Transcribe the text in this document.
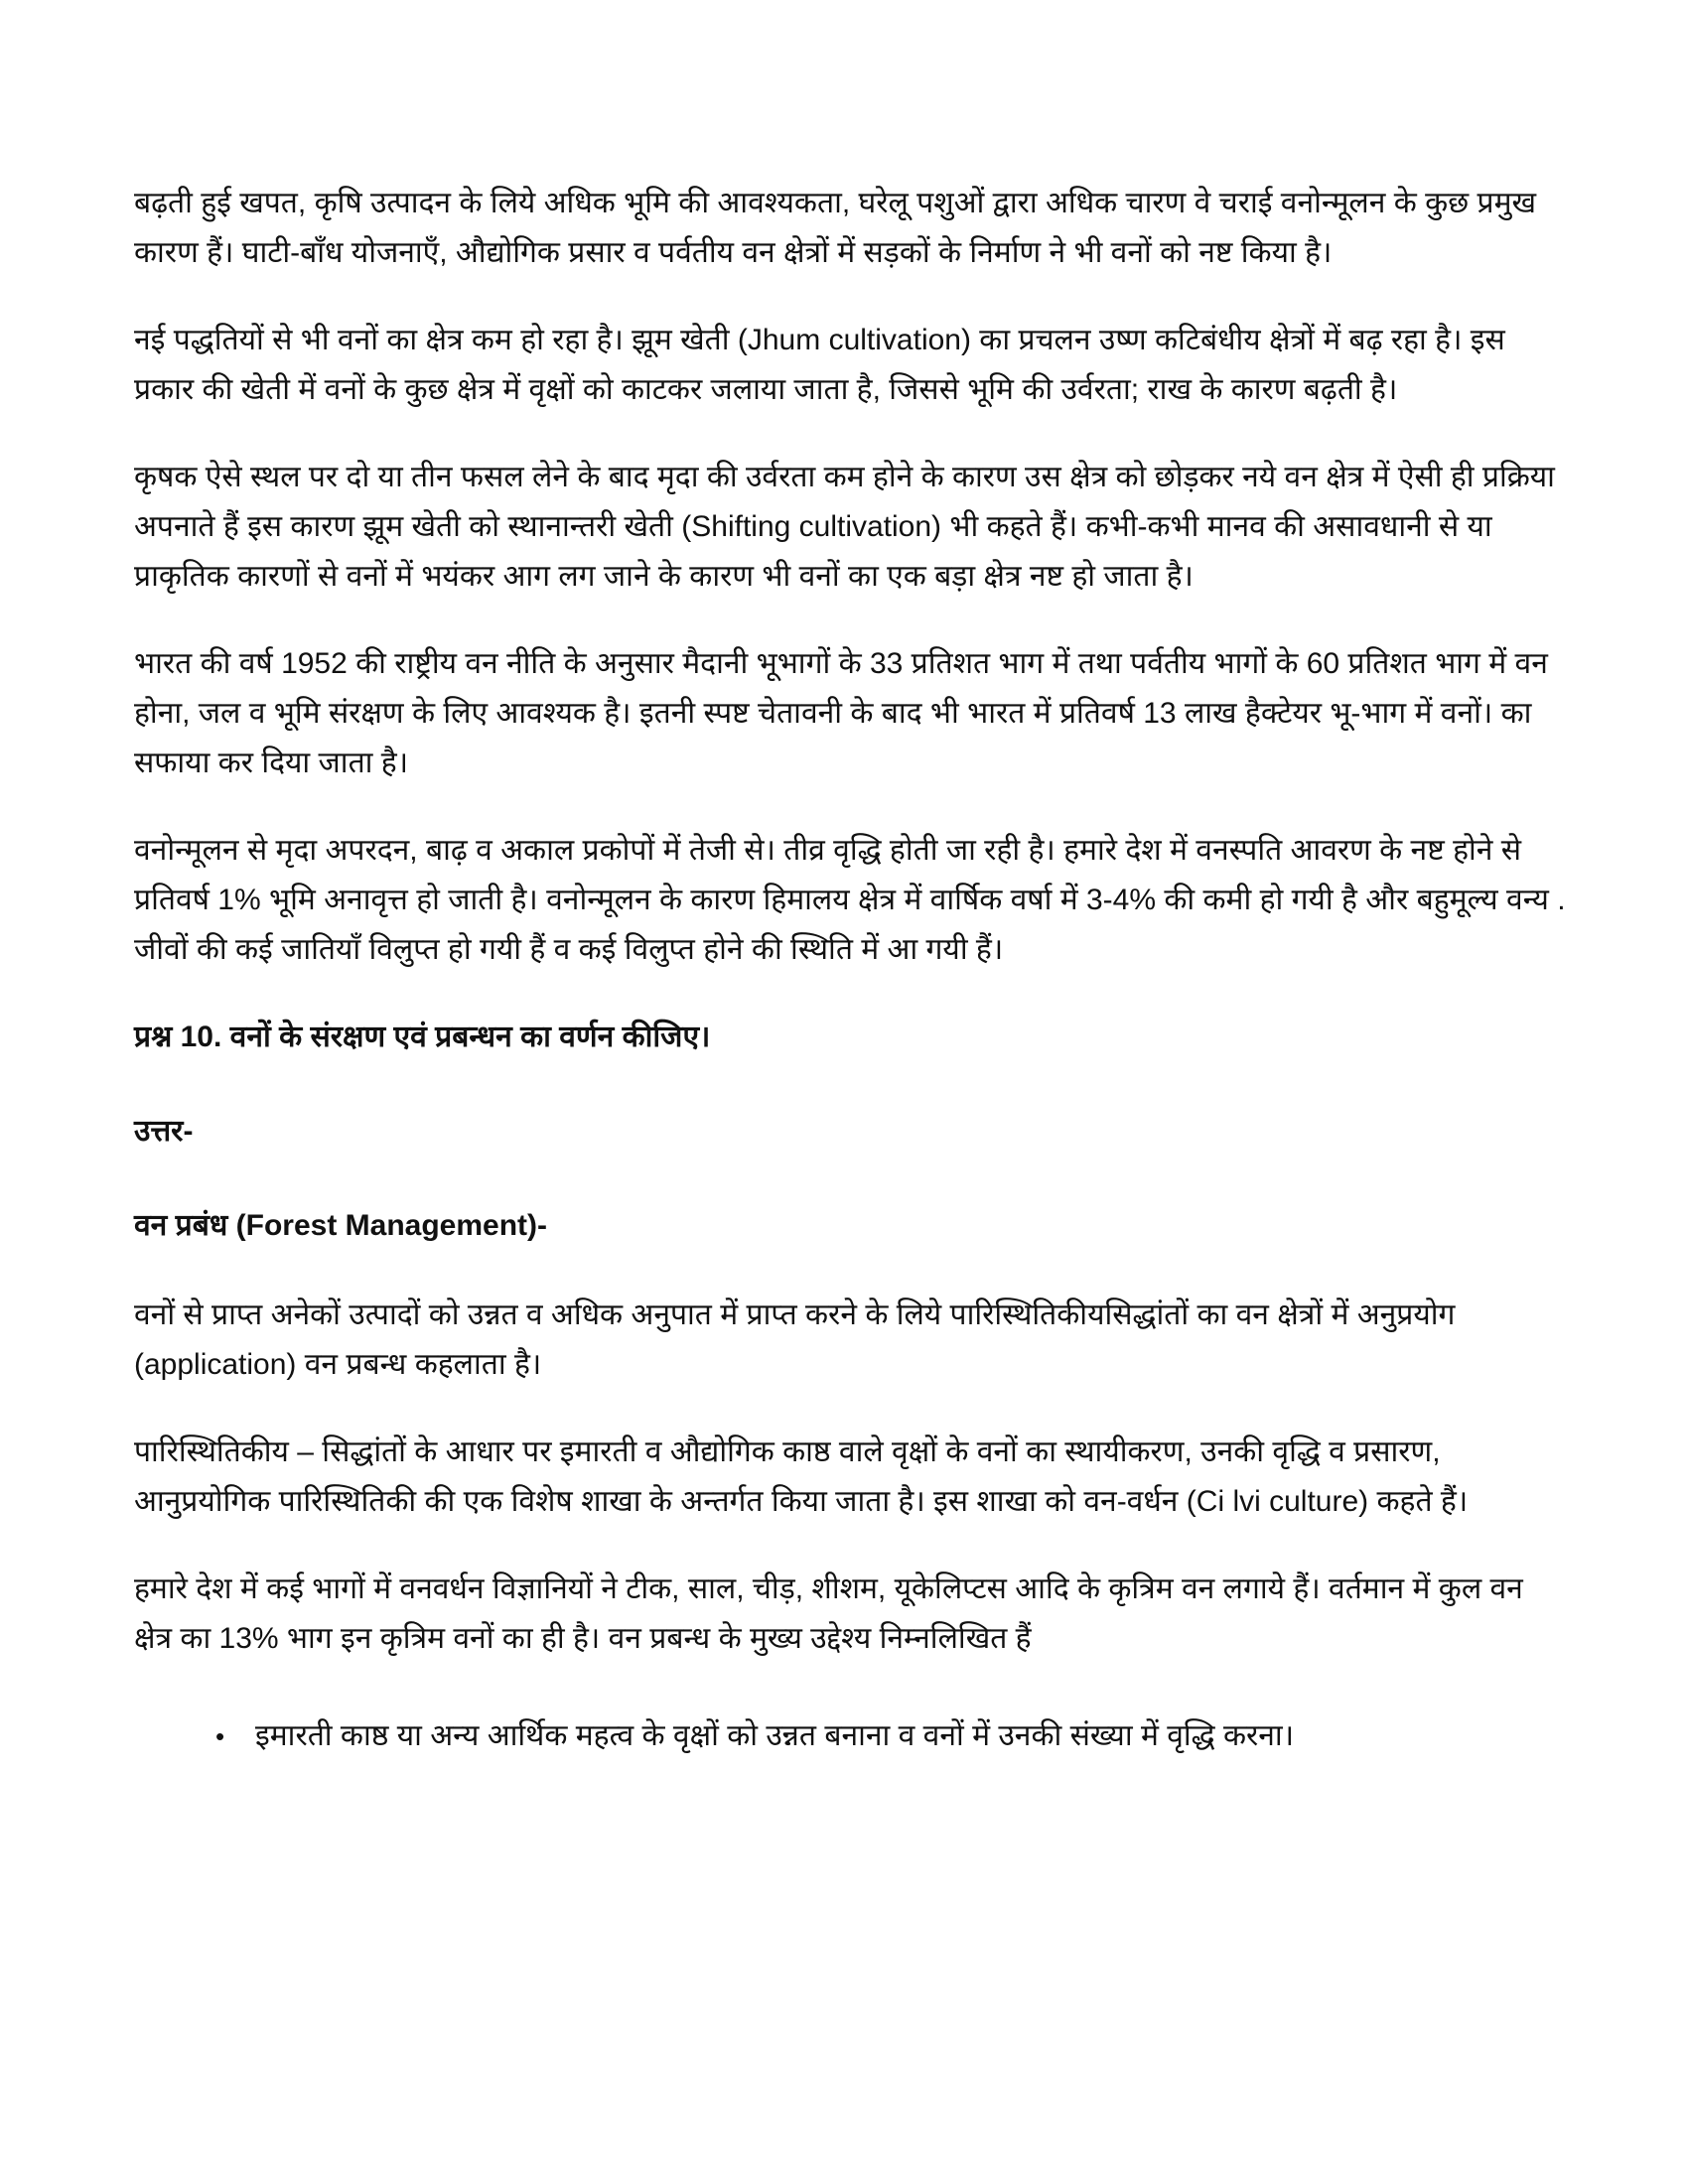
बढ़ती हुई खपत, कृषि उत्पादन के लिये अधिक भूमि की आवश्यकता, घरेलू पशुओं द्वारा अधिक चारण वे चराई वनोन्मूलन के कुछ प्रमुख कारण हैं। घाटी-बाँध योजनाएँ, औद्योगिक प्रसार व पर्वतीय वन क्षेत्रों में सड़कों के निर्माण ने भी वनों को नष्ट किया है।

नई पद्धतियों से भी वनों का क्षेत्र कम हो रहा है। झूम खेती (Jhum cultivation) का प्रचलन उष्ण कटिबंधीय क्षेत्रों में बढ़ रहा है। इस प्रकार की खेती में वनों के कुछ क्षेत्र में वृक्षों को काटकर जलाया जाता है, जिससे भूमि की उर्वरता; राख के कारण बढ़ती है।

कृषक ऐसे स्थल पर दो या तीन फसल लेने के बाद मृदा की उर्वरता कम होने के कारण उस क्षेत्र को छोड़कर नये वन क्षेत्र में ऐसी ही प्रक्रिया अपनाते हैं इस कारण झूम खेती को स्थानान्तरी खेती (Shifting cultivation) भी कहते हैं। कभी-कभी मानव की असावधानी से या प्राकृतिक कारणों से वनों में भयंकर आग लग जाने के कारण भी वनों का एक बड़ा क्षेत्र नष्ट हो जाता है।

भारत की वर्ष 1952 की राष्ट्रीय वन नीति के अनुसार मैदानी भूभागों के 33 प्रतिशत भाग में तथा पर्वतीय भागों के 60 प्रतिशत भाग में वन होना, जल व भूमि संरक्षण के लिए आवश्यक है। इतनी स्पष्ट चेतावनी के बाद भी भारत में प्रतिवर्ष 13 लाख हैक्टेयर भू-भाग में वनों। का सफाया कर दिया जाता है।

वनोन्मूलन से मृदा अपरदन, बाढ़ व अकाल प्रकोपों में तेजी से। तीव्र वृद्धि होती जा रही है। हमारे देश में वनस्पति आवरण के नष्ट होने से प्रतिवर्ष 1% भूमि अनावृत्त हो जाती है। वनोन्मूलन के कारण हिमालय क्षेत्र में वार्षिक वर्षा में 3-4% की कमी हो गयी है और बहुमूल्य वन्य . जीवों की कई जातियाँ विलुप्त हो गयी हैं व कई विलुप्त होने की स्थिति में आ गयी हैं।

प्रश्न 10. वनों के संरक्षण एवं प्रबन्धन का वर्णन कीजिए।

उत्तर-

वन प्रबंध (Forest Management)-

वनों से प्राप्त अनेकों उत्पादों को उन्नत व अधिक अनुपात में प्राप्त करने के लिये पारिस्थितिकीयसिद्धांतों का वन क्षेत्रों में अनुप्रयोग (application) वन प्रबन्ध कहलाता है।

पारिस्थितिकीय – सिद्धांतों के आधार पर इमारती व औद्योगिक काष्ठ वाले वृक्षों के वनों का स्थायीकरण, उनकी वृद्धि व प्रसारण, आनुप्रयोगिक पारिस्थितिकी की एक विशेष शाखा के अन्तर्गत किया जाता है। इस शाखा को वन-वर्धन (Ci lvi culture) कहते हैं।

हमारे देश में कई भागों में वनवर्धन विज्ञानियों ने टीक, साल, चीड़, शीशम, यूकेलिप्टस आदि के कृत्रिम वन लगाये हैं। वर्तमान में कुल वन क्षेत्र का 13% भाग इन कृत्रिम वनों का ही है। वन प्रबन्ध के मुख्य उद्देश्य निम्नलिखित हैं

•	इमारती काष्ठ या अन्य आर्थिक महत्व के वृक्षों को उन्नत बनाना व वनों में उनकी संख्या में वृद्धि करना।
